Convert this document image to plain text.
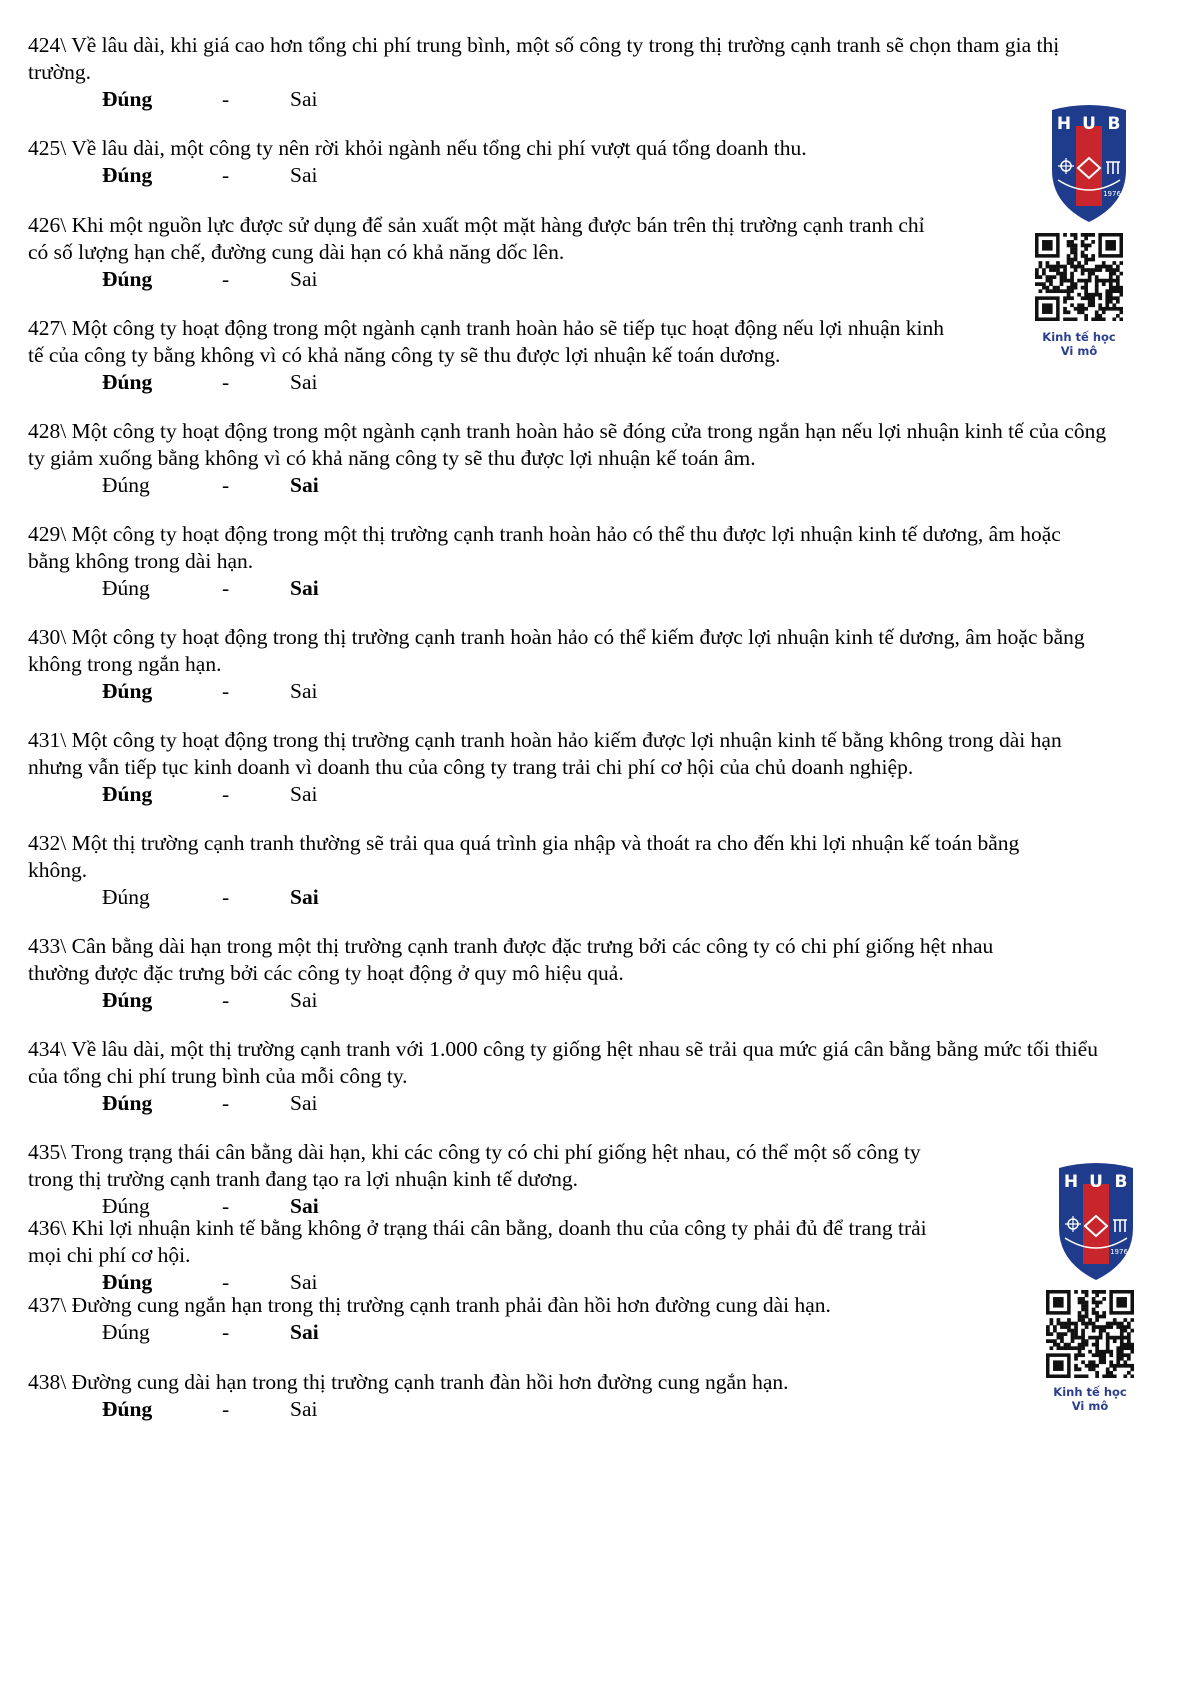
424\ Về lâu dài, khi giá cao hơn tổng chi phí trung bình, một số công ty trong thị trường cạnh tranh sẽ chọn tham gia thị trường.
Đúng	-	Sai
425\ Về lâu dài, một công ty nên rời khỏi ngành nếu tổng chi phí vượt quá tổng doanh thu.
Đúng	-	Sai
426\ Khi một nguồn lực được sử dụng để sản xuất một mặt hàng được bán trên thị trường cạnh tranh chỉ có số lượng hạn chế, đường cung dài hạn có khả năng dốc lên.
Đúng	-	Sai
427\ Một công ty hoạt động trong một ngành cạnh tranh hoàn hảo sẽ tiếp tục hoạt động nếu lợi nhuận kinh tế của công ty bằng không vì có khả năng công ty sẽ thu được lợi nhuận kế toán dương.
Đúng	-	Sai
428\ Một công ty hoạt động trong một ngành cạnh tranh hoàn hảo sẽ đóng cửa trong ngắn hạn nếu lợi nhuận kinh tế của công ty giảm xuống bằng không vì có khả năng công ty sẽ thu được lợi nhuận kế toán âm.
Đúng	-	Sai
429\ Một công ty hoạt động trong một thị trường cạnh tranh hoàn hảo có thể thu được lợi nhuận kinh tế dương, âm hoặc bằng không trong dài hạn.
Đúng	-	Sai
430\ Một công ty hoạt động trong thị trường cạnh tranh hoàn hảo có thể kiếm được lợi nhuận kinh tế dương, âm hoặc bằng không trong ngắn hạn.
Đúng	-	Sai
431\ Một công ty hoạt động trong thị trường cạnh tranh hoàn hảo kiếm được lợi nhuận kinh tế bằng không trong dài hạn nhưng vẫn tiếp tục kinh doanh vì doanh thu của công ty trang trải chi phí cơ hội của chủ doanh nghiệp.
Đúng	-	Sai
432\ Một thị trường cạnh tranh thường sẽ trải qua quá trình gia nhập và thoát ra cho đến khi lợi nhuận kế toán bằng không.
Đúng	-	Sai
433\ Cân bằng dài hạn trong một thị trường cạnh tranh được đặc trưng bởi các công ty có chi phí giống hệt nhau thường được đặc trưng bởi các công ty hoạt động ở quy mô hiệu quả.
Đúng	-	Sai
434\ Về lâu dài, một thị trường cạnh tranh với 1.000 công ty giống hệt nhau sẽ trải qua mức giá cân bằng bằng mức tối thiểu của tổng chi phí trung bình của mỗi công ty.
Đúng	-	Sai
435\ Trong trạng thái cân bằng dài hạn, khi các công ty có chi phí giống hệt nhau, có thể một số công ty trong thị trường cạnh tranh đang tạo ra lợi nhuận kinh tế dương.
Đúng	-	Sai
436\ Khi lợi nhuận kinh tế bằng không ở trạng thái cân bằng, doanh thu của công ty phải đủ để trang trải mọi chi phí cơ hội.
Đúng	-	Sai
437\ Đường cung ngắn hạn trong thị trường cạnh tranh phải đàn hồi hơn đường cung dài hạn.
Đúng	-	Sai
438\ Đường cung dài hạn trong thị trường cạnh tranh đàn hồi hơn đường cung ngắn hạn.
Đúng	-	Sai
H U B
1976
Kinh tế học
Vi mô
H U B
1976
Kinh tế học
Vi mô
